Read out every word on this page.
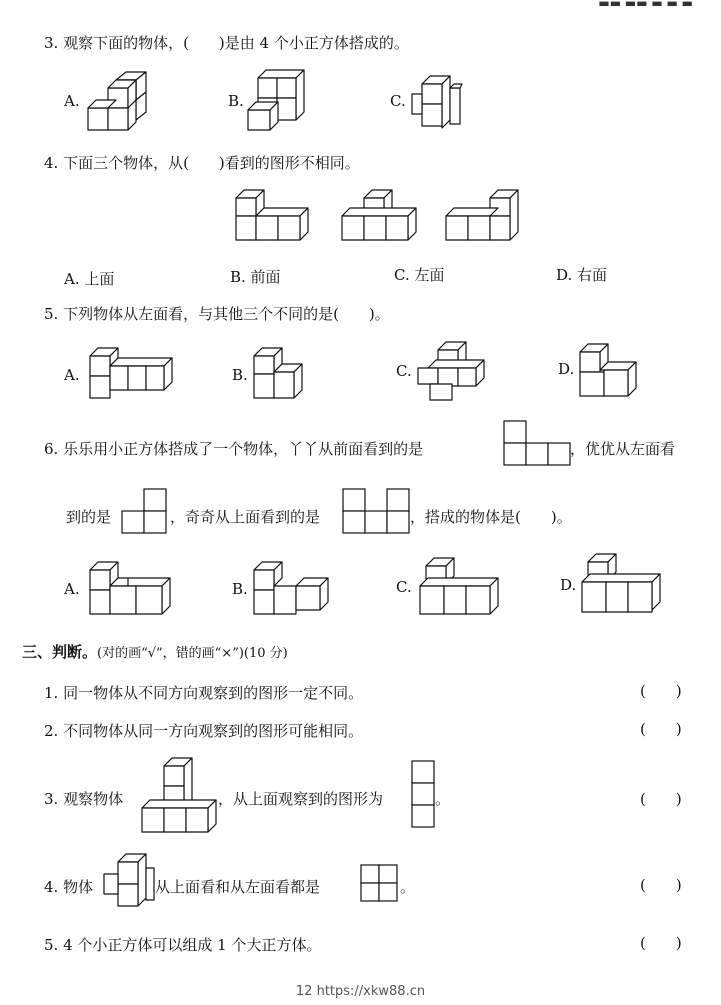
▬▬ ▬▬ ▬ ▬ ▬
3. 观察下面的物体，(　　)是由 4 个小正方体搭成的。
A.	B.	C.
4. 下面三个物体，从(　　)看到的图形不相同。
A. 上面	B. 前面	C. 左面	D. 右面
5. 下列物体从左面看，与其他三个不同的是(　　)。
A.	B.	C.	D.
6. 乐乐用小正方体搭成了一个物体，丫丫从前面看到的是	，优优从左面看
到的是	，奇奇从上面看到的是	，搭成的物体是(　　)。
A.	B.	C.	D.
三、判断。(对的画“√”，错的画“×”)(10 分)
1. 同一物体从不同方向观察到的图形一定不同。	(　　)
2. 不同物体从同一方向观察到的图形可能相同。	(　　)
3. 观察物体	，从上面观察到的图形为	。	(　　)
4. 物体	从上面看和从左面看都是	。	(　　)
5. 4 个小正方体可以组成 1 个大正方体。	(　　)
12 https://xkw88.cn
